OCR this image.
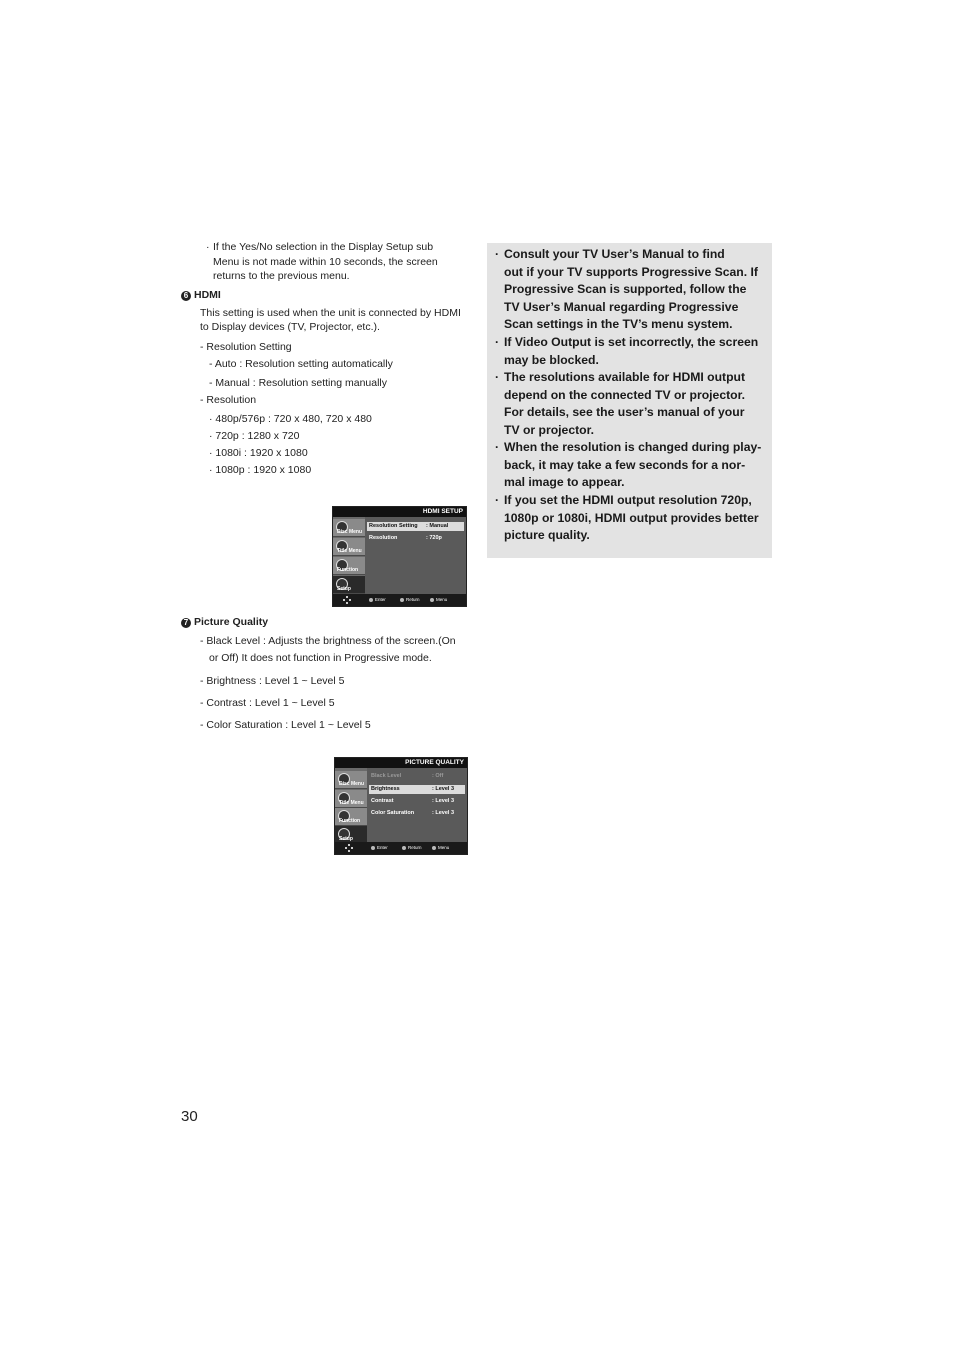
· If the Yes/No selection in the Display Setup sub
Menu is not made within 10 seconds, the screen
returns to the previous menu.
6 HDMI
This setting is used when the unit is connected by HDMI
to Display devices (TV, Projector, etc.).
- Resolution Setting
- Auto : Resolution setting automatically
- Manual : Resolution setting manually
- Resolution
· 480p/576p : 720 x 480, 720 x 480
· 720p : 1280 x 720
· 1080i : 1920 x 1080
· 1080p : 1920 x 1080
HDMI SETUP
Disc Menu
Title Menu
Function
Setup
Resolution Setting : Manual
Resolution	: 720p
Enter	Return	Menu
7 Picture Quality
- Black Level : Adjusts the brightness of the screen.(On
or Off) It does not function in Progressive mode.
- Brightness : Level 1 ~ Level 5
- Contrast : Level 1 ~ Level 5
- Color Saturation : Level 1 ~ Level 5
PICTURE QUALITY
Disc Menu
Title Menu
Function
Setup
Black Level	: Off
Brightness	: Level 3
Contrast	: Level 3
Color Saturation	: Level 3
Enter	Return	Menu
· Consult your TV User’s Manual to find
out if your TV supports Progressive Scan. If
Progressive Scan is supported, follow the
TV User’s Manual regarding Progressive
Scan settings in the TV’s menu system.
· If Video Output is set incorrectly, the screen
may be blocked.
· The resolutions available for HDMI output
depend on the connected TV or projector.
For details, see the user’s manual of your
TV or projector.
· When the resolution is changed during play-
back, it may take a few seconds for a nor-
mal image to appear.
· If you set the HDMI output resolution 720p,
1080p or 1080i, HDMI output provides better
picture quality.
30
